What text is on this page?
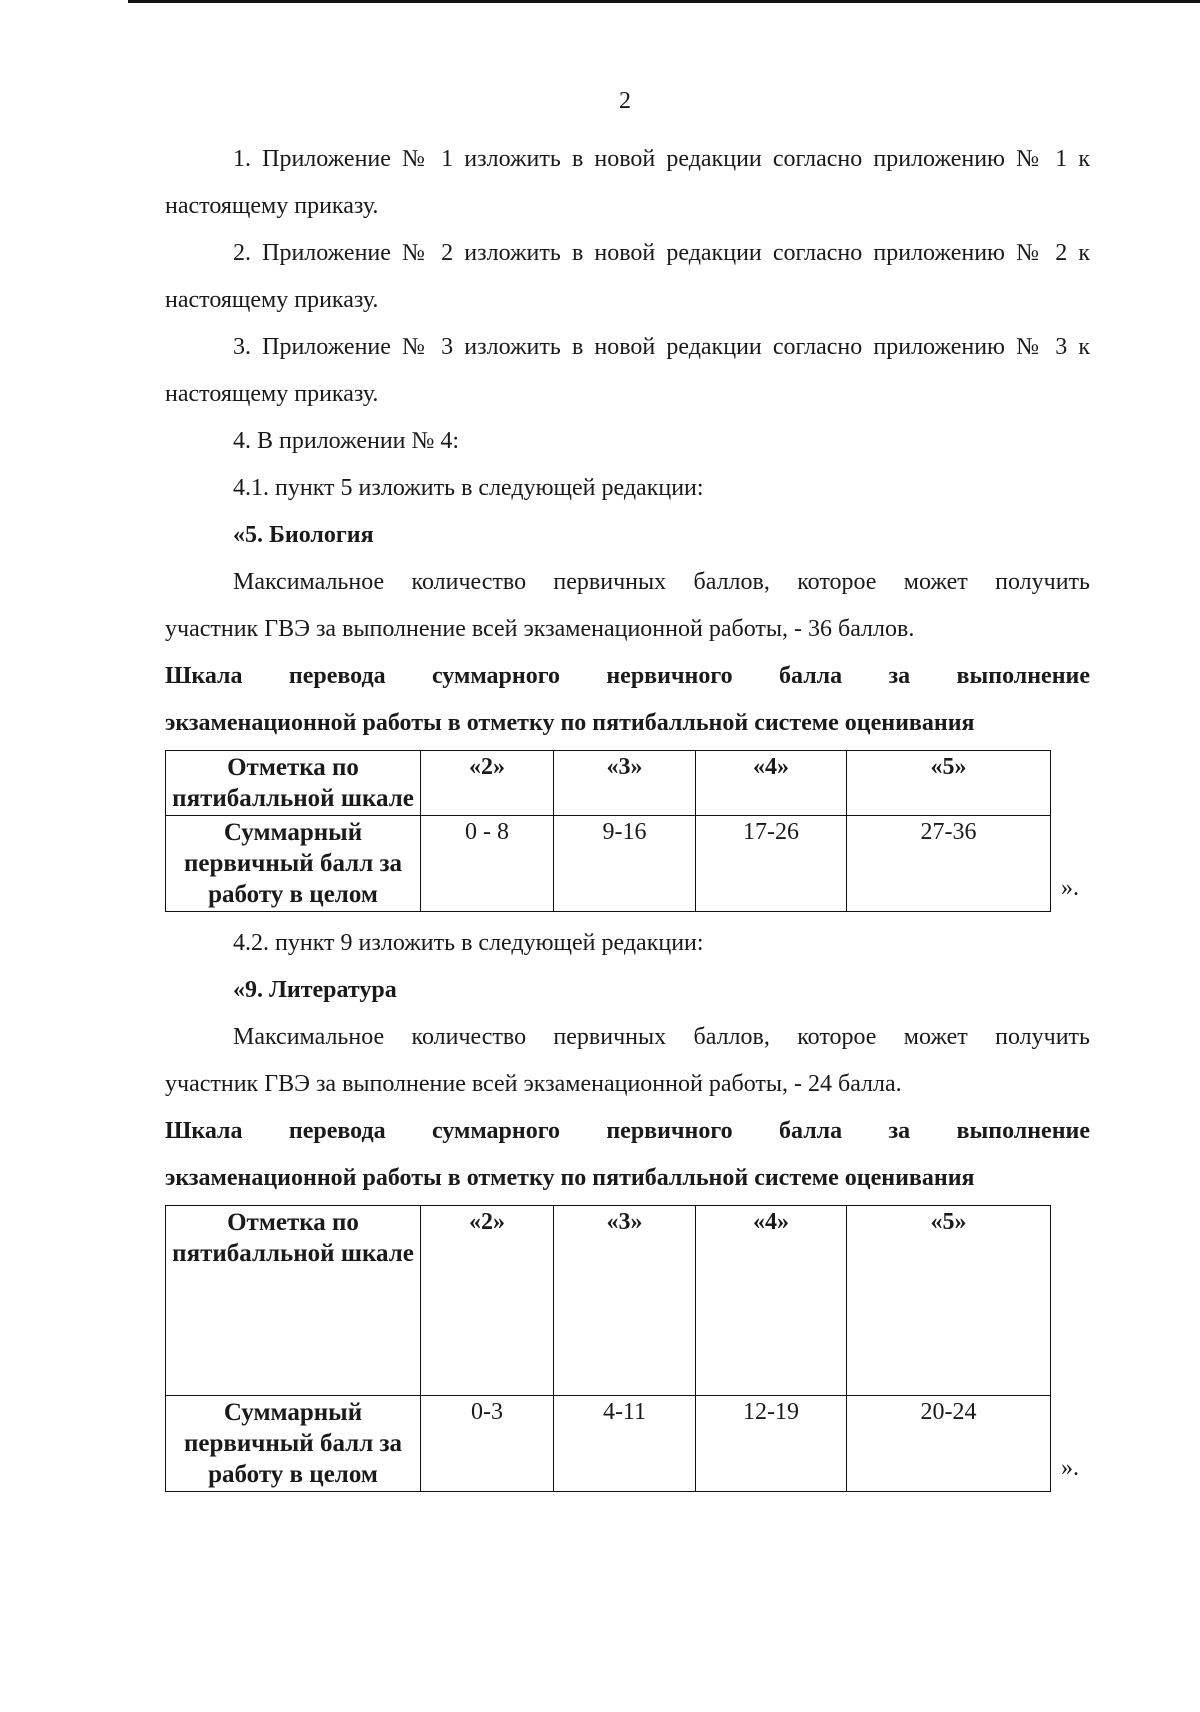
2

1. Приложение № 1 изложить в новой редакции согласно приложению № 1 к настоящему приказу.

2. Приложение № 2 изложить в новой редакции согласно приложению № 2 к настоящему приказу.

3. Приложение № 3 изложить в новой редакции согласно приложению № 3 к настоящему приказу.

4. В приложении № 4:

4.1. пункт 5 изложить в следующей редакции:

«5. Биология

Максимальное количество первичных баллов, которое может получить

участник ГВЭ за выполнение всей экзаменационной работы, - 36 баллов.

Шкала перевода суммарного нервичного балла за выполнение

экзаменационной работы в отметку по пятибалльной системе оценивания

Отметка по пятибалльной шкале	«2»	«3»	«4»	«5»	
Суммарный первичный балл за работу в целом	0 - 8	9-16	17-26	27-36	».

4.2. пункт 9 изложить в следующей редакции:

«9. Литература

Максимальное количество первичных баллов, которое может получить

участник ГВЭ за выполнение всей экзаменационной работы, - 24 балла.

Шкала перевода суммарного первичного балла за выполнение

экзаменационной работы в отметку по пятибалльной системе оценивания

Отметка по пятибалльной шкале	«2»	«3»	«4»	«5»	
Суммарный первичный балл за работу в целом	0-3	4-11	12-19	20-24	».
